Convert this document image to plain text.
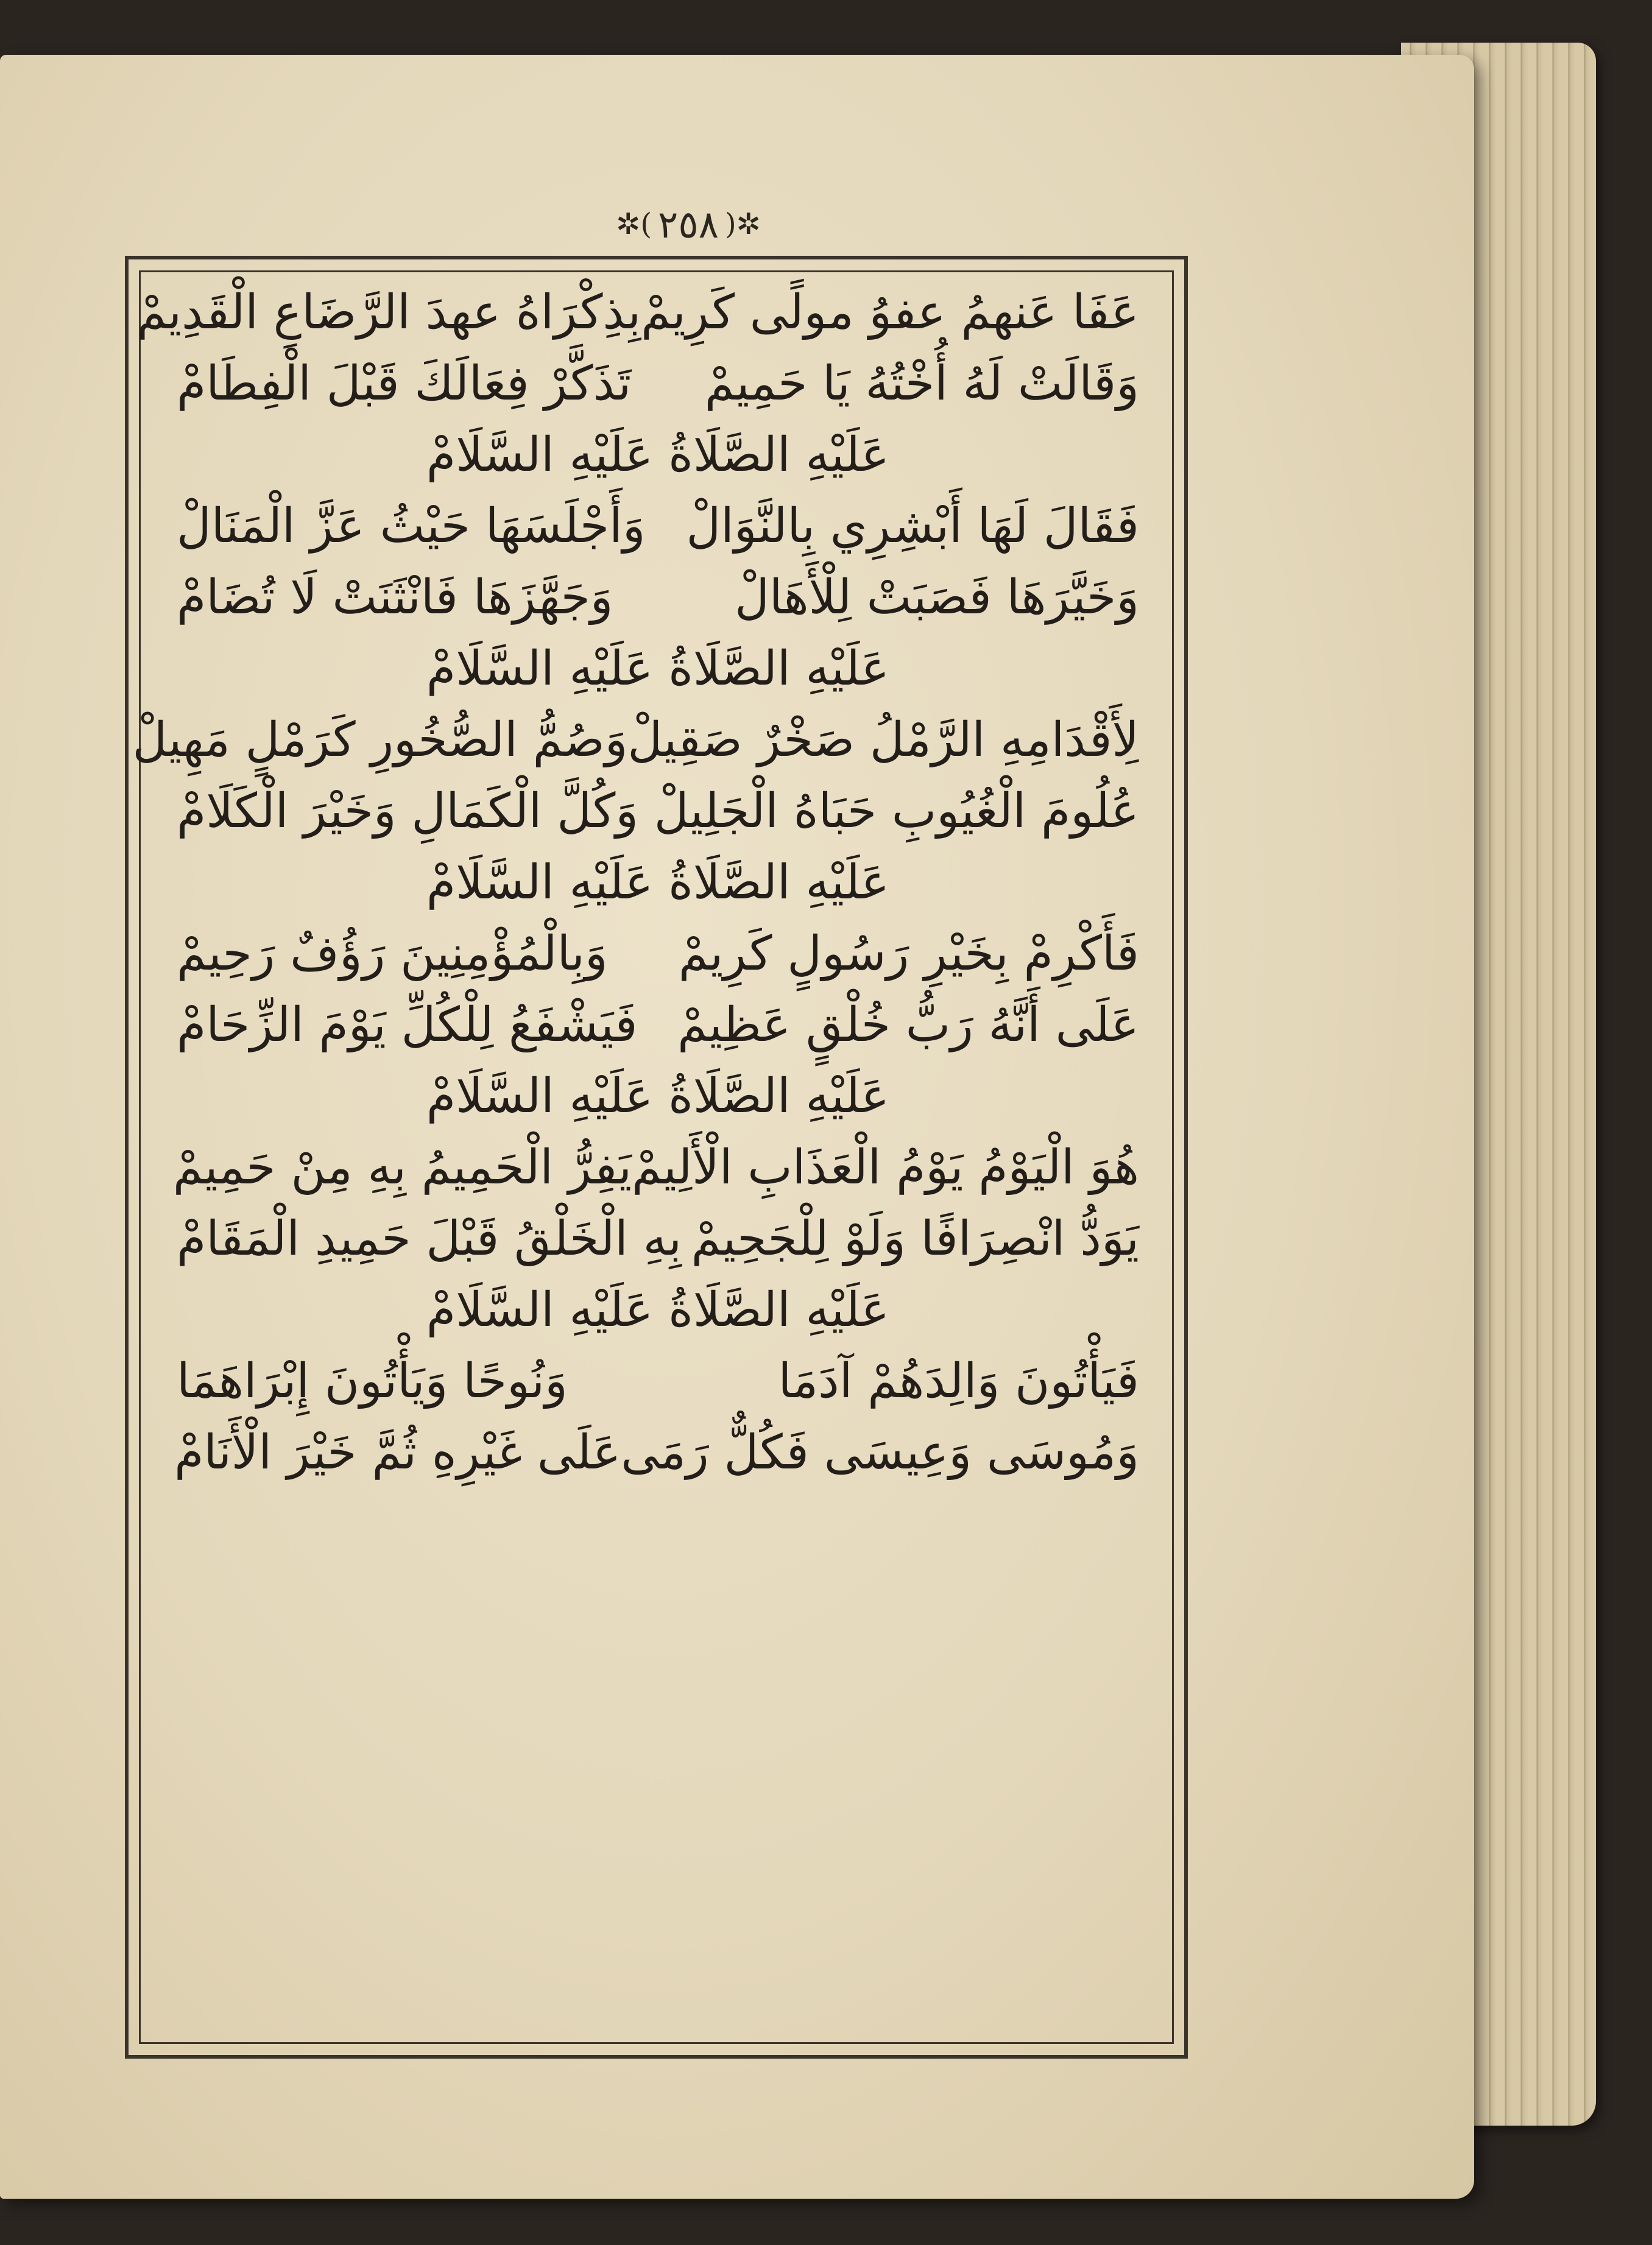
✲( ٢٥٨ )✲
عَفَا عَنهمُ عفوُ مولًى كَرِيمْ
بِذِكْرَاهُ عهدَ الرَّضَاعِ الْقَدِيمْ
وَقَالَتْ لَهُ أُخْتُهُ يَا حَمِيمْ
تَذَكَّرْ فِعَالَكَ قَبْلَ الْفِطَامْ
عَلَيْهِ الصَّلَاةُ عَلَيْهِ السَّلَامْ
فَقَالَ لَهَا أَبْشِرِي بِالنَّوَالْ
وَأَجْلَسَهَا حَيْثُ عَزَّ الْمَنَالْ
وَخَيَّرَهَا فَصَبَتْ لِلْأَهَالْ
وَجَهَّزَهَا فَانْثَنَتْ لَا تُضَامْ
عَلَيْهِ الصَّلَاةُ عَلَيْهِ السَّلَامْ
لِأَقْدَامِهِ الرَّمْلُ صَخْرٌ صَقِيلْ
وَصُمُّ الصُّخُورِ كَرَمْلٍ مَهِيلْ
عُلُومَ الْغُيُوبِ حَبَاهُ الْجَلِيلْ
وَكُلَّ الْكَمَالِ وَخَيْرَ الْكَلَامْ
عَلَيْهِ الصَّلَاةُ عَلَيْهِ السَّلَامْ
فَأَكْرِمْ بِخَيْرِ رَسُولٍ كَرِيمْ
وَبِالْمُؤْمِنِينَ رَؤُفٌ رَحِيمْ
عَلَى أَنَّهُ رَبُّ خُلْقٍ عَظِيمْ
فَيَشْفَعُ لِلْكُلِّ يَوْمَ الزِّحَامْ
عَلَيْهِ الصَّلَاةُ عَلَيْهِ السَّلَامْ
هُوَ الْيَوْمُ يَوْمُ الْعَذَابِ الْأَلِيمْ
يَفِرُّ الْحَمِيمُ بِهِ مِنْ حَمِيمْ
يَوَدُّ انْصِرَافًا وَلَوْ لِلْجَحِيمْ
بِهِ الْخَلْقُ قَبْلَ حَمِيدِ الْمَقَامْ
عَلَيْهِ الصَّلَاةُ عَلَيْهِ السَّلَامْ
فَيَأْتُونَ وَالِدَهُمْ آدَمَا
وَنُوحًا وَيَأْتُونَ إِبْرَاهَمَا
وَمُوسَى وَعِيسَى فَكُلٌّ رَمَى
عَلَى غَيْرِهِ ثُمَّ خَيْرَ الْأَنَامْ
